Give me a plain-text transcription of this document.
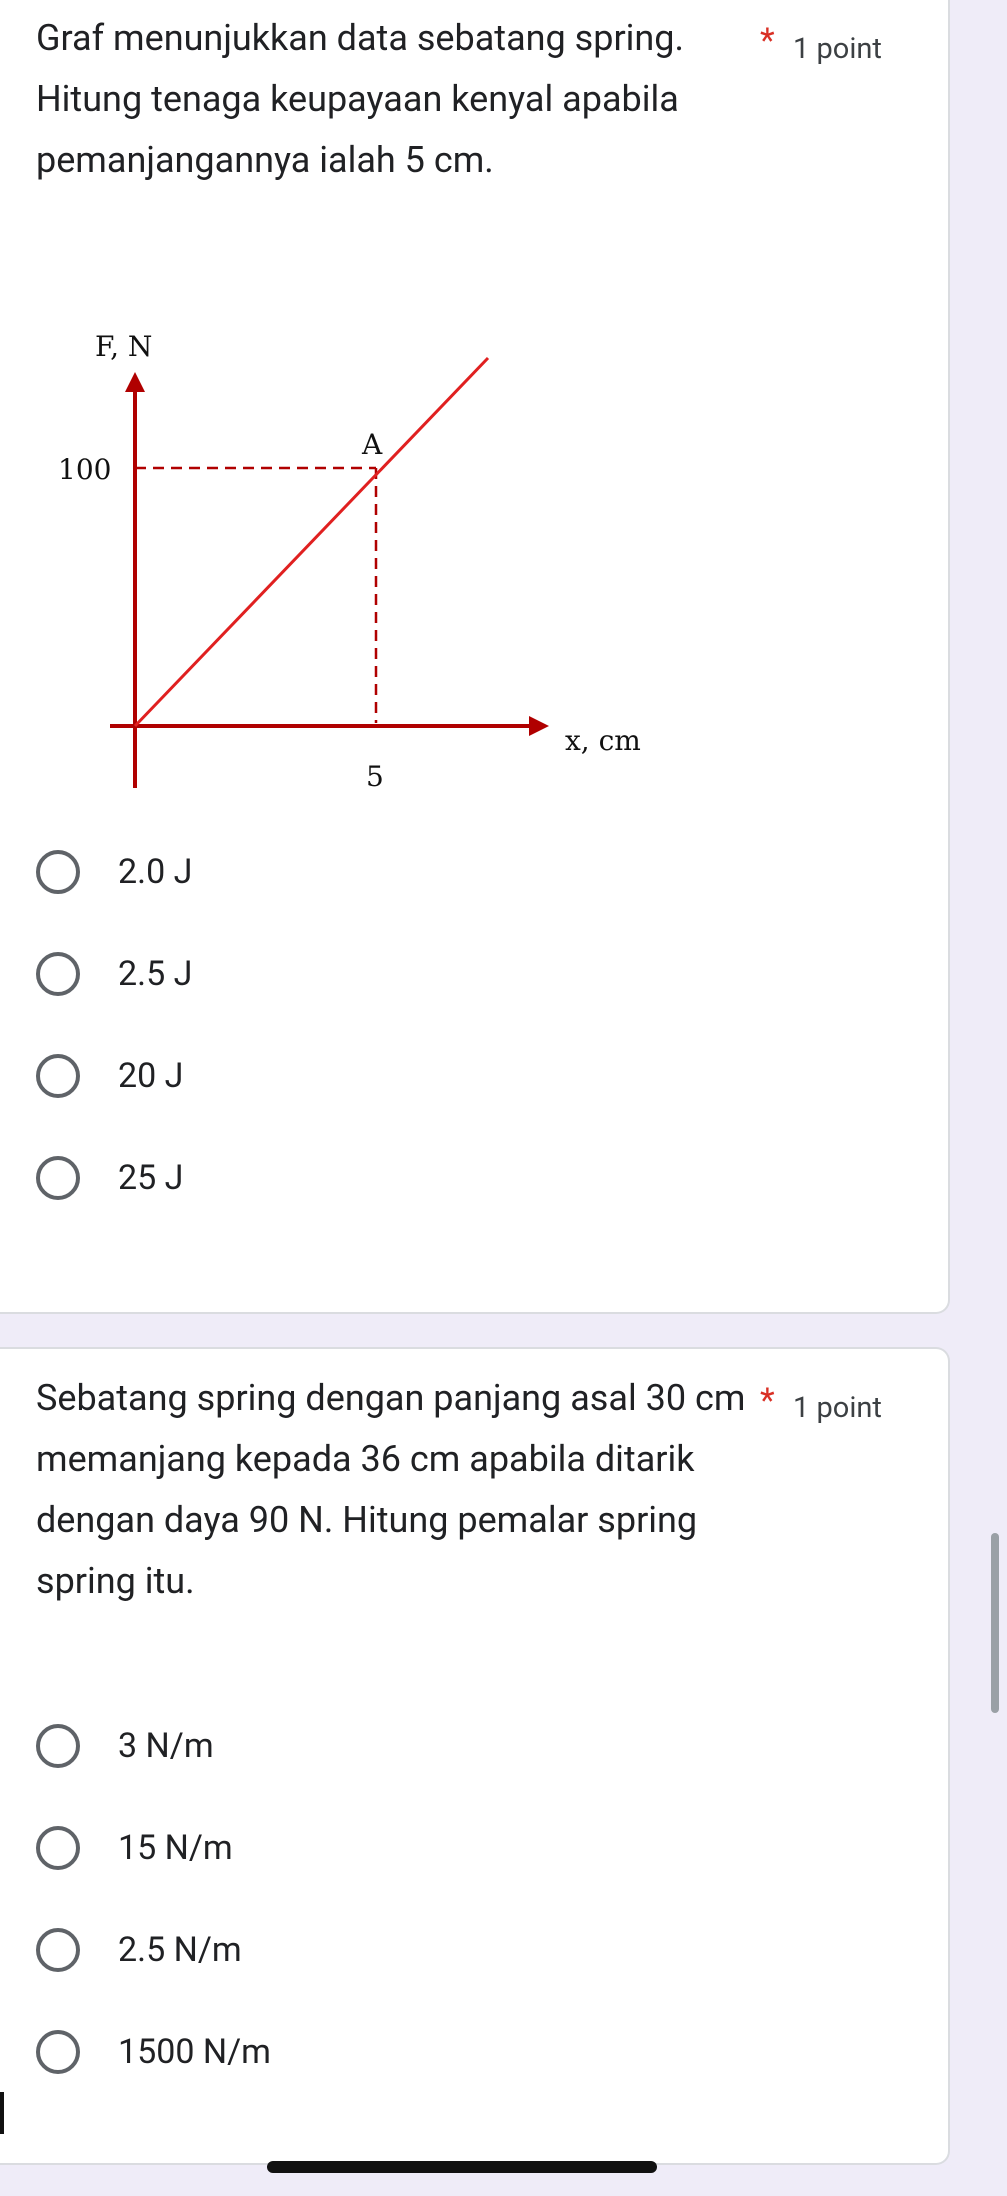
Graf menunjukkan data sebatang spring. Hitung tenaga keupayaan kenyal apabila pemanjangannya ialah 5 cm.

* 1 point
F, N
x, cm
100
5
A
2.0 J
2.5 J
20 J
25 J

Sebatang spring dengan panjang asal 30 cm memanjang kepada 36 cm apabila ditarik dengan daya 90 N. Hitung pemalar spring spring itu.

* 1 point
3 N/m
15 N/m
2.5 N/m
1500 N/m
